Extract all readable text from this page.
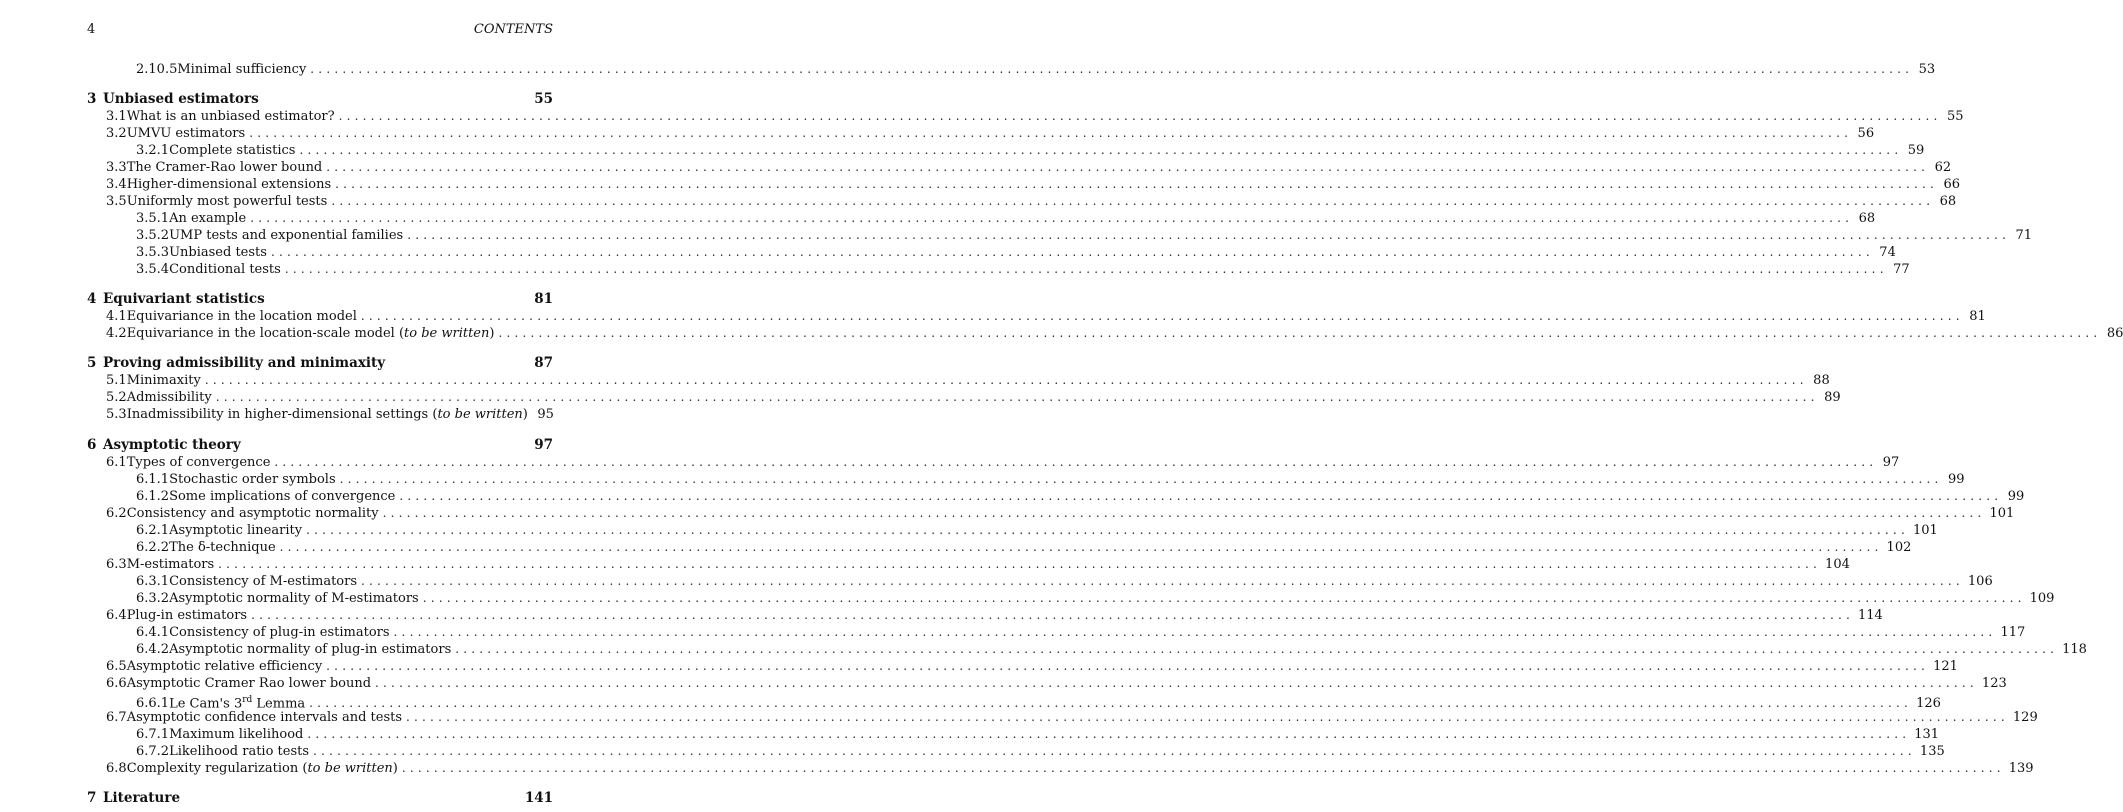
4	CONTENTS
2.10.5 Minimal sufficiency ........................................................................................................................................................................................................ 53
3 Unbiased estimators	55
3.1 What is an unbiased estimator? ........................................................................................................................................................................................................ 55
3.2 UMVU estimators ........................................................................................................................................................................................................ 56
3.2.1 Complete statistics ........................................................................................................................................................................................................ 59
3.3 The Cramer-Rao lower bound ........................................................................................................................................................................................................ 62
3.4 Higher-dimensional extensions ........................................................................................................................................................................................................ 66
3.5 Uniformly most powerful tests ........................................................................................................................................................................................................ 68
3.5.1 An example ........................................................................................................................................................................................................ 68
3.5.2 UMP tests and exponential families ........................................................................................................................................................................................................ 71
3.5.3 Unbiased tests ........................................................................................................................................................................................................ 74
3.5.4 Conditional tests ........................................................................................................................................................................................................ 77
4 Equivariant statistics	81
4.1 Equivariance in the location model ........................................................................................................................................................................................................ 81
4.2 Equivariance in the location-scale model (to be written) ........................................................................................................................................................................................................ 86
5 Proving admissibility and minimaxity	87
5.1 Minimaxity ........................................................................................................................................................................................................ 88
5.2 Admissibility ........................................................................................................................................................................................................ 89
5.3 Inadmissibility in higher-dimensional settings (to be written) 95
6 Asymptotic theory	97
6.1 Types of convergence ........................................................................................................................................................................................................ 97
6.1.1 Stochastic order symbols ........................................................................................................................................................................................................ 99
6.1.2 Some implications of convergence ........................................................................................................................................................................................................ 99
6.2 Consistency and asymptotic normality ........................................................................................................................................................................................................ 101
6.2.1 Asymptotic linearity ........................................................................................................................................................................................................ 101
6.2.2 The δ-technique ........................................................................................................................................................................................................ 102
6.3 M-estimators ........................................................................................................................................................................................................ 104
6.3.1 Consistency of M-estimators ........................................................................................................................................................................................................ 106
6.3.2 Asymptotic normality of M-estimators ........................................................................................................................................................................................................ 109
6.4 Plug-in estimators ........................................................................................................................................................................................................ 114
6.4.1 Consistency of plug-in estimators ........................................................................................................................................................................................................ 117
6.4.2 Asymptotic normality of plug-in estimators ........................................................................................................................................................................................................ 118
6.5 Asymptotic relative efficiency ........................................................................................................................................................................................................ 121
6.6 Asymptotic Cramer Rao lower bound ........................................................................................................................................................................................................ 123
6.6.1 Le Cam's 3rd Lemma ........................................................................................................................................................................................................ 126
6.7 Asymptotic confidence intervals and tests ........................................................................................................................................................................................................ 129
6.7.1 Maximum likelihood ........................................................................................................................................................................................................ 131
6.7.2 Likelihood ratio tests ........................................................................................................................................................................................................ 135
6.8 Complexity regularization (to be written) ........................................................................................................................................................................................................ 139
7 Literature	141
